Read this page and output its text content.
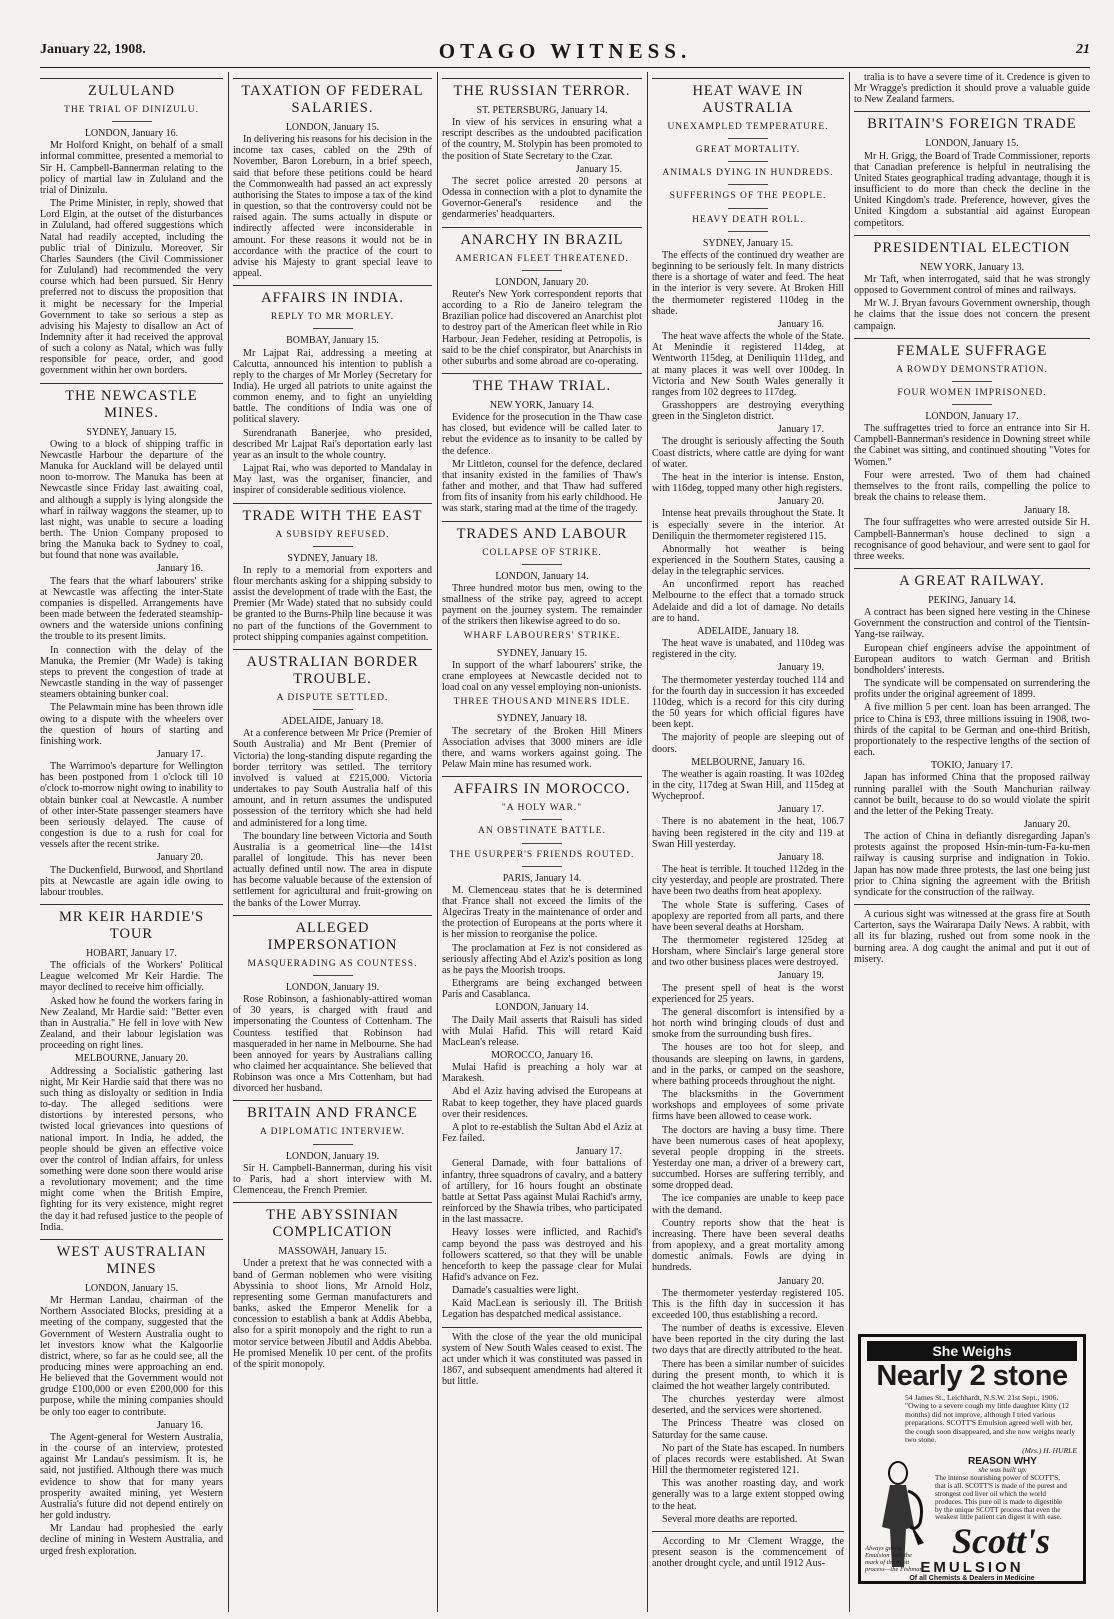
January 22, 1908.	OTAGO WITNESS.	21
ZULULAND
THE TRIAL OF DINIZULU.
LONDON, January 16.

Mr Holford Knight, on behalf of a small informal committee, presented a memorial to Sir H. Campbell-Bannerman relating to the policy of martial law in Zululand and the trial of Dinizulu.

The Prime Minister, in reply, showed that Lord Elgin, at the outset of the disturbances in Zululand, had offered suggestions which Natal had readily accepted, including the public trial of Dinizulu. Moreover, Sir Charles Saunders (the Civil Commissioner for Zululand) had recommended the very course which had been pursued. Sir Henry preferred not to discuss the proposition that it might be necessary for the Imperial Government to take so serious a step as advising his Majesty to disallow an Act of Indemnity after it had received the approval of such a colony as Natal, which was fully responsible for peace, order, and good government within her own borders.

THE NEWCASTLE MINES.
SYDNEY, January 15.

Owing to a block of shipping traffic in Newcastle Harbour the departure of the Manuka for Auckland will be delayed until noon to-morrow. The Manuka has been at Newcastle since Friday last awaiting coal, and although a supply is lying alongside the wharf in railway waggons the steamer, up to last night, was unable to secure a loading berth. The Union Company proposed to bring the Manuka back to Sydney to coal, but found that none was available.

January 16.

The fears that the wharf labourers' strike at Newcastle was affecting the inter-State companies is dispelled. Arrangements have been made between the federated steamship-owners and the waterside unions confining the trouble to its present limits.

In connection with the delay of the Manuka, the Premier (Mr Wade) is taking steps to prevent the congestion of trade at Newcastle standing in the way of passenger steamers obtaining bunker coal.

The Pelawmain mine has been thrown idle owing to a dispute with the wheelers over the question of hours of starting and finishing work.

January 17.

The Warrimoo's departure for Wellington has been postponed from 1 o'clock till 10 o'clock to-morrow night owing to inability to obtain bunker coal at Newcastle. A number of other inter-State passenger steamers have been seriously delayed. The cause of congestion is due to a rush for coal for vessels after the recent strike.

January 20.

The Duckenfield, Burwood, and Shortland pits at Newcastle are again idle owing to labour troubles.

MR KEIR HARDIE'S TOUR
HOBART, January 17.

The officials of the Workers' Political League welcomed Mr Keir Hardie. The mayor declined to receive him officially.

Asked how he found the workers faring in New Zealand, Mr Hardie said: "Better even than in Australia." He fell in love with New Zealand, and their labour legislation was proceeding on right lines.

MELBOURNE, January 20.

Addressing a Socialistic gathering last night, Mr Keir Hardie said that there was no such thing as disloyalty or sedition in India to-day. The alleged seditions were distortions by interested persons, who twisted local grievances into questions of national import. In India, he added, the people should be given an effective voice over the control of Indian affairs, for unless something were done soon there would arise a revolutionary movement; and the time might come when the British Empire, fighting for its very existence, might regret the day it had refused justice to the people of India.

WEST AUSTRALIAN MINES
LONDON, January 15.

Mr Herman Landau, chairman of the Northern Associated Blocks, presiding at a meeting of the company, suggested that the Government of Western Australia ought to let investors know what the Kalgoorlie district, where, so far as he could see, all the producing mines were approaching an end. He believed that the Government would not grudge £100,000 or even £200,000 for this purpose, while the mining companies should be only too eager to contribute.

January 16.

The Agent-general for Western Australia, in the course of an interview, protested against Mr Landau's pessimism. It is, he said, not justified. Although there was much evidence to show that for many years prosperity awaited mining, yet Western Australia's future did not depend entirely on her gold industry.

Mr Landau had prophesied the early decline of mining in Western Australia, and urged fresh exploration.

TAXATION OF FEDERAL SALARIES.
LONDON, January 15.

In delivering his reasons for his decision in the income tax cases, cabled on the 29th of November, Baron Loreburn, in a brief speech, said that before these petitions could be heard the Commonwealth had passed an act expressly authorising the States to impose a tax of the kind in question, so that the controversy could not be raised again. The sums actually in dispute or indirectly affected were inconsiderable in amount. For these reasons it would not be in accordance with the practice of the court to advise his Majesty to grant special leave to appeal.

AFFAIRS IN INDIA.
REPLY TO MR MORLEY.
BOMBAY, January 15.

Mr Lajpat Rai, addressing a meeting at Calcutta, announced his intention to publish a reply to the charges of Mr Morley (Secretary for India). He urged all patriots to unite against the common enemy, and to fight an unyielding battle. The conditions of India was one of political slavery.

Surendranath Banerjee, who presided, described Mr Lajpat Rai's deportation early last year as an insult to the whole country.

Lajpat Rai, who was deported to Mandalay in May last, was the organiser, financier, and inspirer of considerable seditious violence.

TRADE WITH THE EAST
A SUBSIDY REFUSED.
SYDNEY, January 18.

In reply to a memorial from exporters and flour merchants asking for a shipping subsidy to assist the development of trade with the East, the Premier (Mr Wade) stated that no subsidy could be granted to the Burns-Philp line because it was no part of the functions of the Government to protect shipping companies against competition.

AUSTRALIAN BORDER TROUBLE.
A DISPUTE SETTLED.
ADELAIDE, January 18.

At a conference between Mr Price (Premier of South Australia) and Mr Bent (Premier of Victoria) the long-standing dispute regarding the border territory was settled. The territory involved is valued at £215,000. Victoria undertakes to pay South Australia half of this amount, and in return assumes the undisputed possession of the territory which she had held and administered for a long time.

The boundary line between Victoria and South Australia is a geometrical line—the 141st parallel of longitude. This has never been actually defined until now. The area in dispute has become valuable because of the extension of settlement for agricultural and fruit-growing on the banks of the Lower Murray.

ALLEGED IMPERSONATION
MASQUERADING AS COUNTESS.
LONDON, January 19.

Rose Robinson, a fashionably-attired woman of 30 years, is charged with fraud and impersonating the Countess of Cottenham. The Countess testified that Robinson had masqueraded in her name in Melbourne. She had been annoyed for years by Australians calling who claimed her acquaintance. She believed that Robinson was once a Mrs Cottenham, but had divorced her husband.

BRITAIN AND FRANCE
A DIPLOMATIC INTERVIEW.
LONDON, January 19.

Sir H. Campbell-Bannerman, during his visit to Paris, had a short interview with M. Clemenceau, the French Premier.

THE ABYSSINIAN COMPLICATION
MASSOWAH, January 15.

Under a pretext that he was connected with a band of German noblemen who were visiting Abyssinia to shoot lions, Mr Arnold Holz, representing some German manufacturers and banks, asked the Emperor Menelik for a concession to establish a bank at Addis Abebba, also for a spirit monopoly and the right to run a motor service between Jibutil and Addis Abebba. He promised Menelik 10 per cent. of the profits of the spirit monopoly.

THE RUSSIAN TERROR.
ST. PETERSBURG, January 14.

In view of his services in ensuring what a rescript describes as the undoubted pacification of the country, M. Stolypin has been promoted to the position of State Secretary to the Czar.

January 15.

The secret police arrested 20 persons at Odessa in connection with a plot to dynamite the Governor-General's residence and the gendarmeries' headquarters.

ANARCHY IN BRAZIL
AMERICAN FLEET THREATENED.
LONDON, January 20.

Reuter's New York correspondent reports that according to a Rio de Janeiro telegram the Brazilian police had discovered an Anarchist plot to destroy part of the American fleet while in Rio Harbour. Jean Fedeher, residing at Petropolis, is said to be the chief conspirator, but Anarchists in other suburbs and some abroad are co-operating.

THE THAW TRIAL.
NEW YORK, January 14.

Evidence for the prosecution in the Thaw case has closed, but evidence will be called later to rebut the evidence as to insanity to be called by the defence.

Mr Littleton, counsel for the defence, declared that insanity existed in the families of Thaw's father and mother, and that Thaw had suffered from fits of insanity from his early childhood. He was stark, staring mad at the time of the tragedy.

TRADES AND LABOUR
COLLAPSE OF STRIKE.
LONDON, January 14.

Three hundred motor bus men, owing to the smallness of the strike pay, agreed to accept payment on the journey system. The remainder of the strikers then likewise agreed to do so.

WHARF LABOURERS' STRIKE.
SYDNEY, January 15.

In support of the wharf labourers' strike, the crane employees at Newcastle decided not to load coal on any vessel employing non-unionists.

THREE THOUSAND MINERS IDLE.
SYDNEY, January 18.

The secretary of the Broken Hill Miners Association advises that 3000 miners are idle there, and warns workers against going. The Pelaw Main mine has resumed work.

AFFAIRS IN MOROCCO.
"A HOLY WAR."
AN OBSTINATE BATTLE.
THE USURPER'S FRIENDS ROUTED.
PARIS, January 14.

M. Clemenceau states that he is determined that France shall not exceed the limits of the Algeciras Treaty in the maintenance of order and the protection of Europeans at the ports where it is her mission to reorganise the police.

The proclamation at Fez is not considered as seriously affecting Abd el Aziz's position as long as he pays the Moorish troops.

Ethergrams are being exchanged between Paris and Casablanca.

LONDON, January 14.

The Daily Mail asserts that Raisuli has sided with Mulai Hafid. This will retard Kaid MacLean's release.

MOROCCO, January 16.

Mulai Hafid is preaching a holy war at Marakesh.

Abd el Aziz having advised the Europeans at Rabat to keep together, they have placed guards over their residences.

A plot to re-establish the Sultan Abd el Aziz at Fez failed.

January 17.

General Damade, with four battalions of infantry, three squadrons of cavalry, and a battery of artillery, for 16 hours fought an obstinate battle at Settat Pass against Mulai Rachid's army, reinforced by the Shawia tribes, who participated in the last massacre.

Heavy losses were inflicted, and Rachid's camp beyond the pass was destroyed and his followers scattered, so that they will be unable henceforth to keep the passage clear for Mulai Hafid's advance on Fez.

Damade's casualties were light.

Kaid MacLean is seriously ill. The British Legation has despatched medical assistance.

With the close of the year the old municipal system of New South Wales ceased to exist. The act under which it was constituted was passed in 1867, and subsequent amendments had altered it but little.

HEAT WAVE IN AUSTRALIA
UNEXAMPLED TEMPERATURE.
GREAT MORTALITY.
ANIMALS DYING IN HUNDREDS.
SUFFERINGS OF THE PEOPLE.
HEAVY DEATH ROLL.
SYDNEY, January 15.

The effects of the continued dry weather are beginning to be seriously felt. In many districts there is a shortage of water and feed. The heat in the interior is very severe. At Broken Hill the thermometer registered 110deg in the shade.

January 16.

The heat wave affects the whole of the State. At Menindie it registered 114deg, at Wentworth 115deg, at Deniliquin 111deg, and at many places it was well over 100deg. In Victoria and New South Wales generally it ranges from 102 degrees to 117deg.

Grasshoppers are destroying everything green in the Singleton district.

January 17.

The drought is seriously affecting the South Coast districts, where cattle are dying for want of water.

The heat in the interior is intense. Enston, with 116deg, topped many other high registers.

January 20.

Intense heat prevails throughout the State. It is especially severe in the interior. At Deniliquin the thermometer registered 115.

Abnormally hot weather is being experienced in the Southern States, causing a delay in the telegraphic services.

An unconfirmed report has reached Melbourne to the effect that a tornado struck Adelaide and did a lot of damage. No details are to hand.

ADELAIDE, January 18.

The heat wave is unabated, and 110deg was registered in the city.

January 19.

The thermometer yesterday touched 114 and for the fourth day in succession it has exceeded 110deg, which is a record for this city during the 50 years for which official figures have been kept.

The majority of people are sleeping out of doors.

MELBOURNE, January 16.

The weather is again roasting. It was 102deg in the city, 117deg at Swan Hill, and 115deg at Wycheproof.

January 17.

There is no abatement in the heat, 106.7 having been registered in the city and 119 at Swan Hill yesterday.

January 18.

The heat is terrible. It touched 112deg in the city yesterday, and people are prostrated. There have been two deaths from heat apoplexy.

The whole State is suffering. Cases of apoplexy are reported from all parts, and there have been several deaths at Horsham.

The thermometer registered 125deg at Horsham, where Sinclair's large general store and two other business places were destroyed.

January 19.

The present spell of heat is the worst experienced for 25 years.

The general discomfort is intensified by a hot north wind bringing clouds of dust and smoke from the surrounding bush fires.

The houses are too hot for sleep, and thousands are sleeping on lawns, in gardens, and in the parks, or camped on the seashore, where bathing proceeds throughout the night.

The blacksmiths in the Government workshops and employees of some private firms have been allowed to cease work.

The doctors are having a busy time. There have been numerous cases of heat apoplexy, several people dropping in the streets. Yesterday one man, a driver of a brewery cart, succumbed. Horses are suffering terribly, and some dropped dead.

The ice companies are unable to keep pace with the demand.

Country reports show that the heat is increasing. There have been several deaths from apoplexy, and a great mortality among domestic animals. Fowls are dying in hundreds.

January 20.

The thermometer yesterday registered 105. This is the fifth day in succession it has exceeded 100, thus establishing a record.

The number of deaths is excessive. Eleven have been reported in the city during the last two days that are directly attributed to the heat.

There has been a similar number of suicides during the present month, to which it is claimed the hot weather largely contributed.

The churches yesterday were almost deserted, and the services were shortened.

The Princess Theatre was closed on Saturday for the same cause.

No part of the State has escaped. In numbers of places records were established. At Swan Hill the thermometer registered 121.

This was another roasting day, and work generally was to a large extent stopped owing to the heat.

Several more deaths are reported.

According to Mr Clement Wragge, the present season is the commencement of another drought cycle, and until 1912 Aus-

tralia is to have a severe time of it. Credence is given to Mr Wragge's prediction it should prove a valuable guide to New Zealand farmers.

BRITAIN'S FOREIGN TRADE
LONDON, January 15.

Mr H. Grigg, the Board of Trade Commissioner, reports that Canadian preference is helpful in neutralising the United States geographical trading advantage, though it is insufficient to do more than check the decline in the United Kingdom's trade. Preference, however, gives the United Kingdom a substantial aid against European competitors.

PRESIDENTIAL ELECTION
NEW YORK, January 13.

Mr Taft, when interrogated, said that he was strongly opposed to Government control of mines and railways.

Mr W. J. Bryan favours Government ownership, though he claims that the issue does not concern the present campaign.

FEMALE SUFFRAGE
A ROWDY DEMONSTRATION.
FOUR WOMEN IMPRISONED.
LONDON, January 17.

The suffragettes tried to force an entrance into Sir H. Campbell-Bannerman's residence in Downing street while the Cabinet was sitting, and continued shouting "Votes for Women."

Four were arrested. Two of them had chained themselves to the front rails, compelling the police to break the chains to release them.

January 18.

The four suffragettes who were arrested outside Sir H. Campbell-Bannerman's house declined to sign a recognisance of good behaviour, and were sent to gaol for three weeks.

A GREAT RAILWAY.
PEKING, January 14.

A contract has been signed here vesting in the Chinese Government the construction and control of the Tientsin-Yang-tse railway.

European chief engineers advise the appointment of European auditors to watch German and British bondholders' interests.

The syndicate will be compensated on surrendering the profits under the original agreement of 1899.

A five million 5 per cent. loan has been arranged. The price to China is £93, three millions issuing in 1908, two-thirds of the capital to be German and one-third British, proportionately to the respective lengths of the section of each.

TOKIO, January 17.

Japan has informed China that the proposed railway running parallel with the South Manchurian railway cannot be built, because to do so would violate the spirit and the letter of the Peking Treaty.

January 20.

The action of China in defiantly disregarding Japan's protests against the proposed Hsin-min-tum-Fa-ku-men railway is causing surprise and indignation in Tokio. Japan has now made three protests, the last one being just prior to China signing the agreement with the British syndicate for the construction of the railway.

A curious sight was witnessed at the grass fire at South Carterton, says the Wairarapa Daily News. A rabbit, with all its fur blazing, rushed out from some nook in the burning area. A dog caught the animal and put it out of misery.

She Weighs
Nearly 2 stone
54 James St., Leichhardt, N.S.W. 21st Sept., 1906. "Owing to a severe cough my little daughter Kitty (12 months) did not improve, although I tried various preparations. SCOTT'S Emulsion agreed well with her, the cough soon disappeared, and she now weighs nearly two stone.
(Mrs.) H. HURLE
REASON WHY
she was built up.
The intense nourishing power of SCOTT'S, that is all. SCOTT'S is made of the purest and strongest cod liver oil which the world produces. This pure oil is made to digestible by the unique SCOTT process that even the weakest little patient can digest it with ease.
Always get the Emulsion with the mark of the Scott process—the Fishman.
Scott's
EMULSION
Of all Chemists & Dealers in Medicine
